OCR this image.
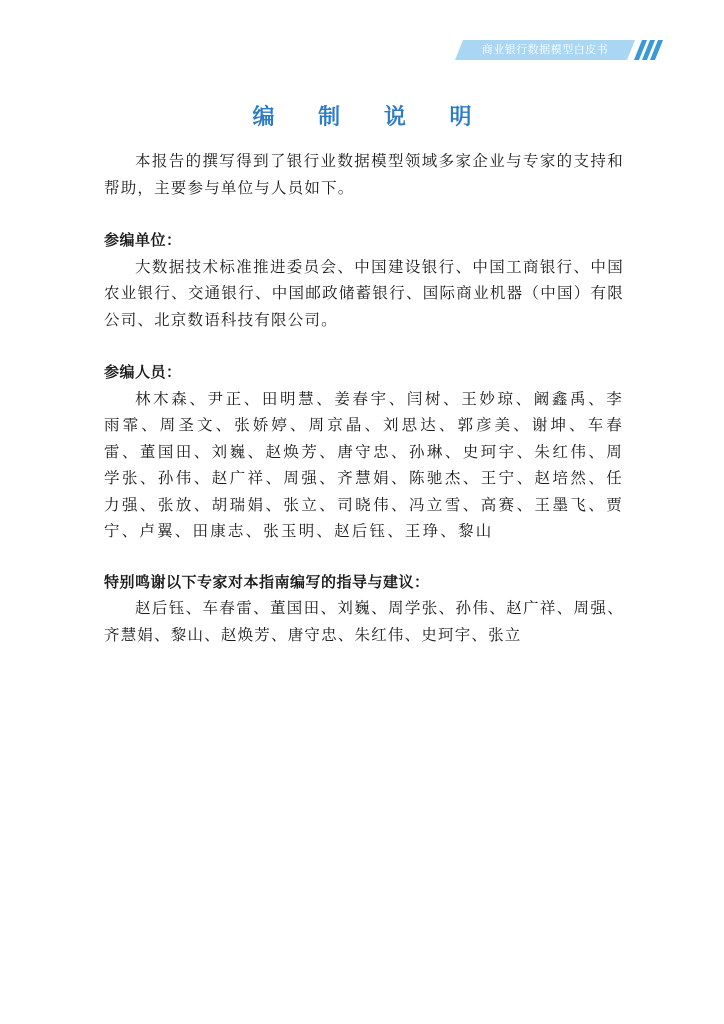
商业银行数据模型白皮书
编 制 说 明

本报告的撰写得到了银行业数据模型领域多家企业与专家的支持和帮助，主要参与单位与人员如下。

参编单位：

大数据技术标准推进委员会、中国建设银行、中国工商银行、中国农业银行、交通银行、中国邮政储蓄银行、国际商业机器（中国）有限公司、北京数语科技有限公司。

参编人员：

林木森、尹正、田明慧、姜春宇、闫树、王妙琼、阚鑫禹、李雨霏、周圣文、张娇婷、周京晶、刘思达、郭彦美、谢坤、车春雷、董国田、刘巍、赵焕芳、唐守忠、孙琳、史珂宇、朱红伟、周学张、孙伟、赵广祥、周强、齐慧娟、陈驰杰、王宁、赵培然、任力强、张放、胡瑞娟、张立、司晓伟、冯立雪、高赛、王墨飞、贾宁、卢翼、田康志、张玉明、赵后钰、王琤、黎山

特别鸣谢以下专家对本指南编写的指导与建议：

赵后钰、车春雷、董国田、刘巍、周学张、孙伟、赵广祥、周强、齐慧娟、黎山、赵焕芳、唐守忠、朱红伟、史珂宇、张立
